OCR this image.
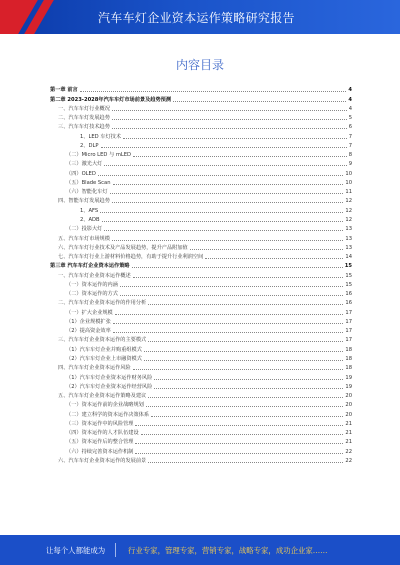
汽车车灯企业资本运作策略研究报告
内容目录
第一章 前言	4
第二章 2023-2028年汽车车灯市场前景及趋势预测	4
一、汽车车灯行业概况	4
二、汽车车灯发展趋势	5
三、汽车车灯技术趋势	6
1、LED 车灯技术	7
2、DLP	7
（二）Micro LED 与 mLED	8
（三）激光大灯	9
（四）OLED	10
（五）Blade Scan	10
（六）智能化车灯	11
四、智能车灯发展趋势	12
1、AFS	12
2、ADB	12
（二）投影大灯	13
五、汽车车灯市场规模	13
六、汽车车灯行业技术及产品发展趋势，提升产品附加值	13
七、汽车车灯行业上游材料价格趋势，有助于提升行业利润空间	14
第三章 汽车车灯企业资本运作策略	15
一、汽车车灯企业资本运作概述	15
（一）资本运作的内涵	15
（二）资本运作的方式	16
二、汽车车灯企业资本运作的作用分析	16
（一）扩大企业规模	17
（1）企业规模扩张	17
（2）提高资金效率	17
三、汽车车灯企业资本运作的主要模式	17
（1）汽车车灯企业并购重组模式	18
（2）汽车车灯企业上市融资模式	18
四、汽车车灯企业资本运作风险	18
（1）汽车车灯企业资本运作财务风险	19
（2）汽车车灯企业资本运作经营风险	19
五、汽车车灯企业资本运作策略及建议	20
（一）资本运作前的企业战略规划	20
（二）建立科学的资本运作决策体系	20
（三）资本运作中的风险管理	21
（四）资本运作的人才队伍建设	21
（五）资本运作后的整合管理	21
（六）持续完善资本运作机制	22
六、汽车车灯企业资本运作的发展前景	22
让每个人都能成为	行业专家，管理专家，营销专家，战略专家，成功企业家……
